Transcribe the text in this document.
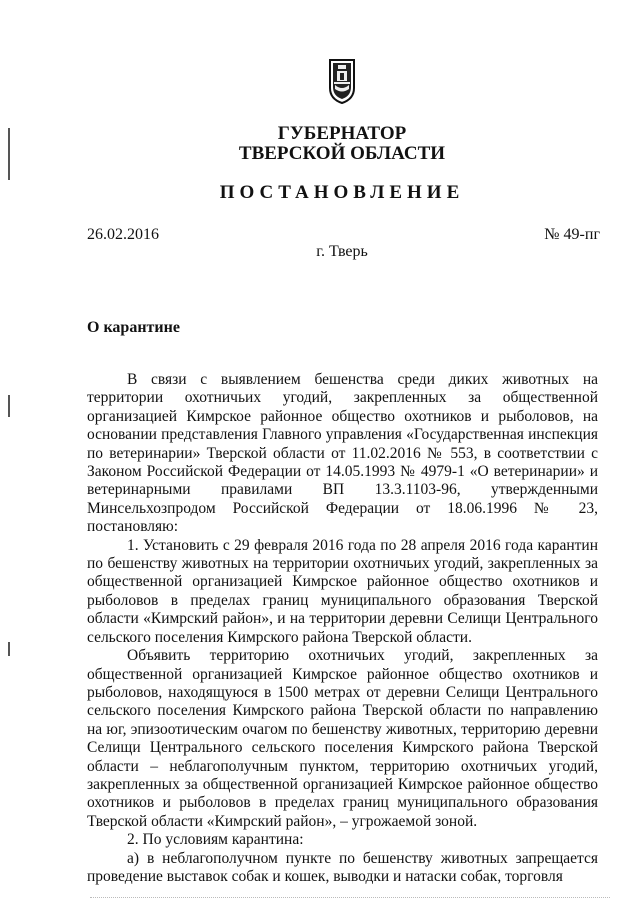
ГУБЕРНАТОР
ТВЕРСКОЙ ОБЛАСТИ
ПОСТАНОВЛЕНИЕ
26.02.2016	№ 49-пг
г. Тверь
О карантине

В связи с выявлением бешенства среди диких животных на территории охотничьих угодий, закрепленных за общественной организацией Кимрское районное общество охотников и рыболовов, на основании представления Главного управления «Государственная инспекция по ветеринарии» Тверской области от 11.02.2016 № 553, в соответствии с Законом Российской Федерации от 14.05.1993 № 4979-1 «О ветеринарии» и ветеринарными правилами ВП 13.3.1103-96, утвержденными Минсельхозпродом Российской Федерации от 18.06.1996 № 23, постановляю:

1. Установить с 29 февраля 2016 года по 28 апреля 2016 года карантин по бешенству животных на территории охотничьих угодий, закрепленных за общественной организацией Кимрское районное общество охотников и рыболовов в пределах границ муниципального образования Тверской области «Кимрский район», и на территории деревни Селищи Центрального сельского поселения Кимрского района Тверской области.

Объявить территорию охотничьих угодий, закрепленных за общественной организацией Кимрское районное общество охотников и рыболовов, находящуюся в 1500 метрах от деревни Селищи Центрального сельского поселения Кимрского района Тверской области по направлению на юг, эпизоотическим очагом по бешенству животных, территорию деревни Селищи Центрального сельского поселения Кимрского района Тверской области – неблагополучным пунктом, территорию охотничьих угодий, закрепленных за общественной организацией Кимрское районное общество охотников и рыболовов в пределах границ муниципального образования Тверской области «Кимрский район», – угрожаемой зоной.

2. По условиям карантина:

а) в неблагополучном пункте по бешенству животных запрещается проведение выставок собак и кошек, выводки и натаски собак, торговля
